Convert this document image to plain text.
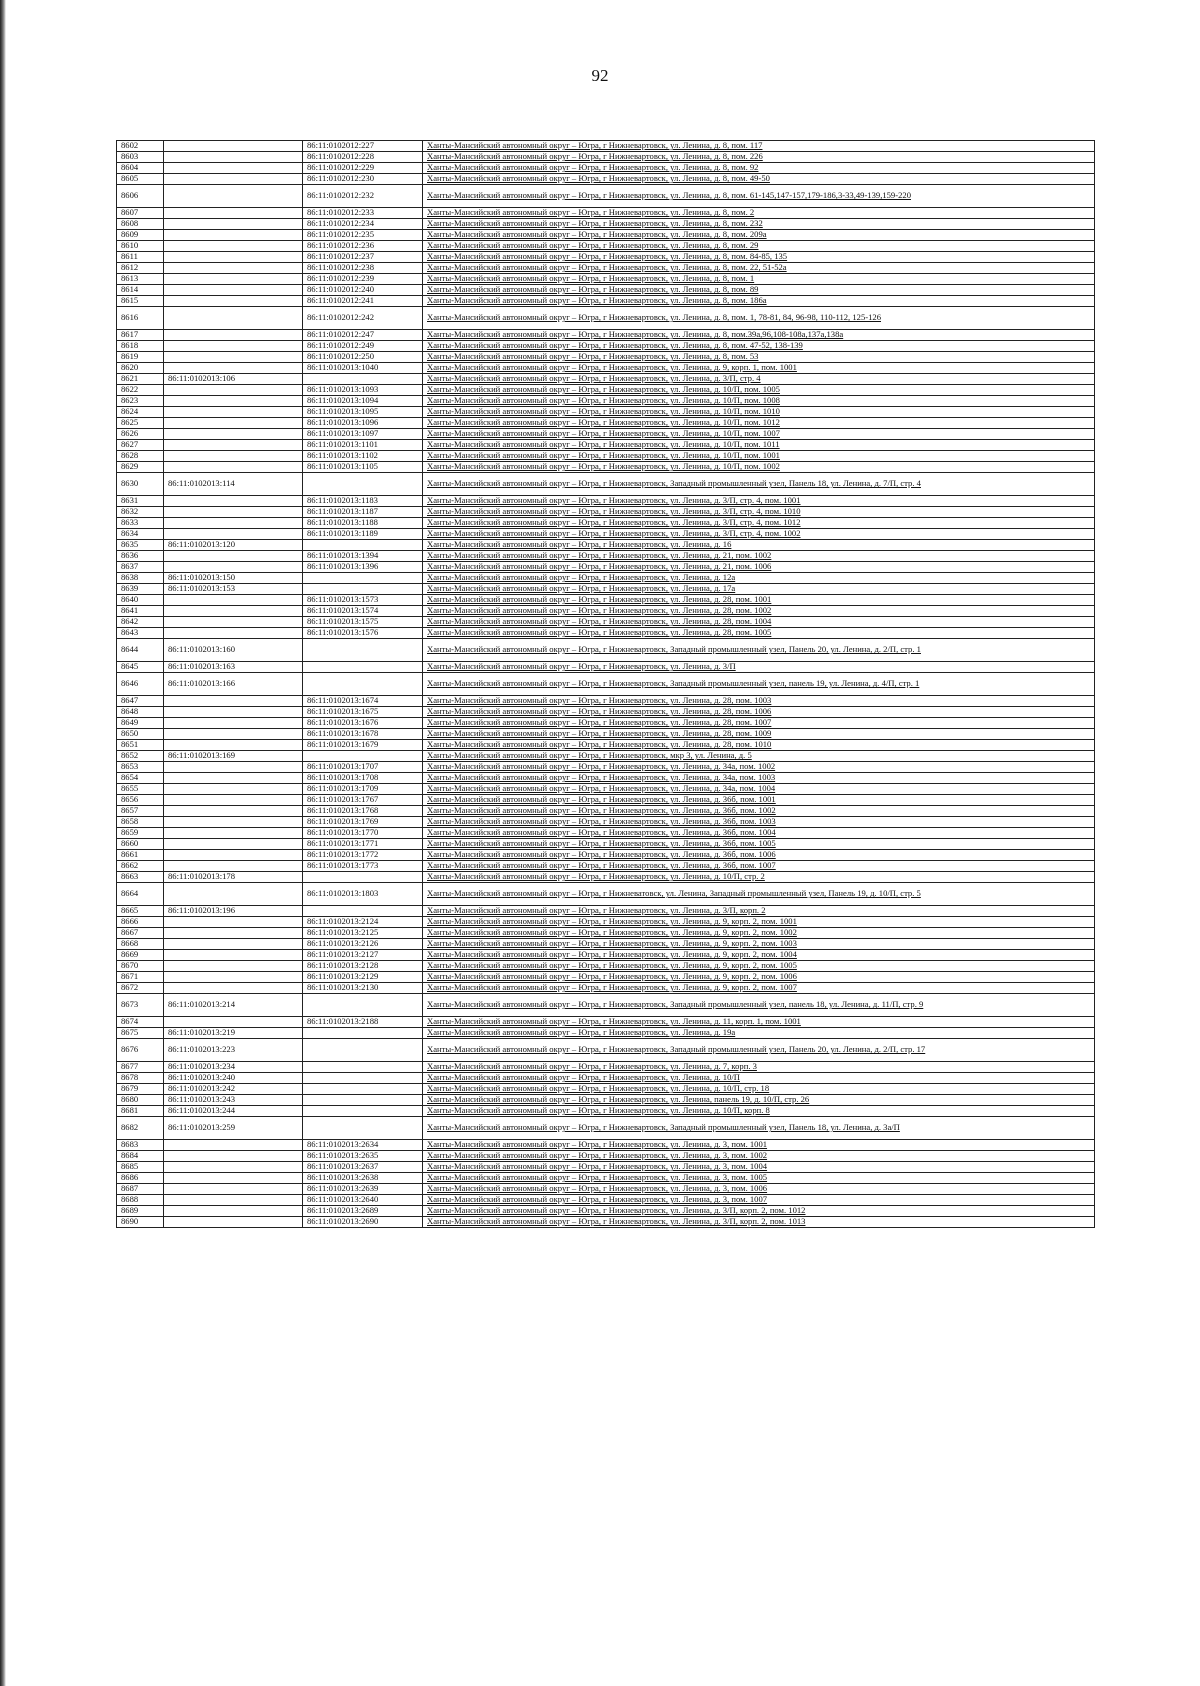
92
8602		86:11:0102012:227	Ханты-Мансийский автономный округ – Югра, г Нижневартовск, ул. Ленина, д. 8, пом. 117
8603		86:11:0102012:228	Ханты-Мансийский автономный округ – Югра, г Нижневартовск, ул. Ленина, д. 8, пом. 226
8604		86:11:0102012:229	Ханты-Мансийский автономный округ – Югра, г Нижневартовск, ул. Ленина, д. 8, пом. 92
8605		86:11:0102012:230	Ханты-Мансийский автономный округ – Югра, г Нижневартовск, ул. Ленина, д. 8, пом. 49-50
8606		86:11:0102012:232	Ханты-Мансийский автономный округ – Югра, г Нижневартовск, ул. Ленина, д. 8, пом. 61-145,147-157,179-186,3-33,49-139,159-220
8607		86:11:0102012:233	Ханты-Мансийский автономный округ – Югра, г Нижневартовск, ул. Ленина, д. 8, пом. 2
8608		86:11:0102012:234	Ханты-Мансийский автономный округ – Югра, г Нижневартовск, ул. Ленина, д. 8, пом. 232
8609		86:11:0102012:235	Ханты-Мансийский автономный округ – Югра, г Нижневартовск, ул. Ленина, д. 8, пом. 209а
8610		86:11:0102012:236	Ханты-Мансийский автономный округ – Югра, г Нижневартовск, ул. Ленина, д. 8, пом. 29
8611		86:11:0102012:237	Ханты-Мансийский автономный округ – Югра, г Нижневартовск, ул. Ленина, д. 8, пом. 84-85, 135
8612		86:11:0102012:238	Ханты-Мансийский автономный округ – Югра, г Нижневартовск, ул. Ленина, д. 8, пом. 22, 51-52а
8613		86:11:0102012:239	Ханты-Мансийский автономный округ – Югра, г Нижневартовск, ул. Ленина, д. 8, пом. 1
8614		86:11:0102012:240	Ханты-Мансийский автономный округ – Югра, г Нижневартовск, ул. Ленина, д. 8, пом. 89
8615		86:11:0102012:241	Ханты-Мансийский автономный округ – Югра, г Нижневартовск, ул. Ленина, д. 8, пом. 186а
8616		86:11:0102012:242	Ханты-Мансийский автономный округ – Югра, г Нижневартовск, ул. Ленина, д. 8, пом. 1, 78-81, 84, 96-98, 110-112, 125-126
8617		86:11:0102012:247	Ханты-Мансийский автономный округ – Югра, г Нижневартовск, ул. Ленина, д. 8, пом.39а,96,108-108а,137а,138а
8618		86:11:0102012:249	Ханты-Мансийский автономный округ – Югра, г Нижневартовск, ул. Ленина, д. 8, пом. 47-52, 138-139
8619		86:11:0102012:250	Ханты-Мансийский автономный округ – Югра, г Нижневартовск, ул. Ленина, д. 8, пом. 53
8620		86:11:0102013:1040	Ханты-Мансийский автономный округ – Югра, г Нижневартовск, ул. Ленина, д. 9, корп. 1, пом. 1001
8621	86:11:0102013:106		Ханты-Мансийский автономный округ – Югра, г Нижневартовск, ул. Ленина, д. 3/П, стр. 4
8622		86:11:0102013:1093	Ханты-Мансийский автономный округ – Югра, г Нижневартовск, ул. Ленина, д. 10/П, пом. 1005
8623		86:11:0102013:1094	Ханты-Мансийский автономный округ – Югра, г Нижневартовск, ул. Ленина, д. 10/П, пом. 1008
8624		86:11:0102013:1095	Ханты-Мансийский автономный округ – Югра, г Нижневартовск, ул. Ленина, д. 10/П, пом. 1010
8625		86:11:0102013:1096	Ханты-Мансийский автономный округ – Югра, г Нижневартовск, ул. Ленина, д. 10/П, пом. 1012
8626		86:11:0102013:1097	Ханты-Мансийский автономный округ – Югра, г Нижневартовск, ул. Ленина, д. 10/П, пом. 1007
8627		86:11:0102013:1101	Ханты-Мансийский автономный округ – Югра, г Нижневартовск, ул. Ленина, д. 10/П, пом. 1011
8628		86:11:0102013:1102	Ханты-Мансийский автономный округ – Югра, г Нижневартовск, ул. Ленина, д. 10/П, пом. 1001
8629		86:11:0102013:1105	Ханты-Мансийский автономный округ – Югра, г Нижневартовск, ул. Ленина, д. 10/П, пом. 1002
8630	86:11:0102013:114		Ханты-Мансийский автономный округ – Югра, г Нижневартовск, Западный промышленный узел, Панель 18, ул. Ленина, д. 7/П, стр. 4
8631		86:11:0102013:1183	Ханты-Мансийский автономный округ – Югра, г Нижневартовск, ул. Ленина, д. 3/П, стр. 4, пом. 1001
8632		86:11:0102013:1187	Ханты-Мансийский автономный округ – Югра, г Нижневартовск, ул. Ленина, д. 3/П, стр. 4, пом. 1010
8633		86:11:0102013:1188	Ханты-Мансийский автономный округ – Югра, г Нижневартовск, ул. Ленина, д. 3/П, стр. 4, пом. 1012
8634		86:11:0102013:1189	Ханты-Мансийский автономный округ – Югра, г Нижневартовск, ул. Ленина, д. 3/П, стр. 4, пом. 1002
8635	86:11:0102013:120		Ханты-Мансийский автономный округ – Югра, г Нижневартовск, ул. Ленина, д. 16
8636		86:11:0102013:1394	Ханты-Мансийский автономный округ – Югра, г Нижневартовск, ул. Ленина, д. 21, пом. 1002
8637		86:11:0102013:1396	Ханты-Мансийский автономный округ – Югра, г Нижневартовск, ул. Ленина, д. 21, пом. 1006
8638	86:11:0102013:150		Ханты-Мансийский автономный округ – Югра, г Нижневартовск, ул. Ленина, д. 12а
8639	86:11:0102013:153		Ханты-Мансийский автономный округ – Югра, г Нижневартовск, ул. Ленина, д. 17а
8640		86:11:0102013:1573	Ханты-Мансийский автономный округ – Югра, г Нижневартовск, ул. Ленина, д. 28, пом. 1001
8641		86:11:0102013:1574	Ханты-Мансийский автономный округ – Югра, г Нижневартовск, ул. Ленина, д. 28, пом. 1002
8642		86:11:0102013:1575	Ханты-Мансийский автономный округ – Югра, г Нижневартовск, ул. Ленина, д. 28, пом. 1004
8643		86:11:0102013:1576	Ханты-Мансийский автономный округ – Югра, г Нижневартовск, ул. Ленина, д. 28, пом. 1005
8644	86:11:0102013:160		Ханты-Мансийский автономный округ – Югра, г Нижневартовск, Западный промышленный узел, Панель 20, ул. Ленина, д. 2/П, стр. 1
8645	86:11:0102013:163		Ханты-Мансийский автономный округ – Югра, г Нижневартовск, ул. Ленина, д. 3/П
8646	86:11:0102013:166		Ханты-Мансийский автономный округ – Югра, г Нижневартовск, Западный промышленный узел, панель 19, ул. Ленина, д. 4/П, стр. 1
8647		86:11:0102013:1674	Ханты-Мансийский автономный округ – Югра, г Нижневартовск, ул. Ленина, д. 28, пом. 1003
8648		86:11:0102013:1675	Ханты-Мансийский автономный округ – Югра, г Нижневартовск, ул. Ленина, д. 28, пом. 1006
8649		86:11:0102013:1676	Ханты-Мансийский автономный округ – Югра, г Нижневартовск, ул. Ленина, д. 28, пом. 1007
8650		86:11:0102013:1678	Ханты-Мансийский автономный округ – Югра, г Нижневартовск, ул. Ленина, д. 28, пом. 1009
8651		86:11:0102013:1679	Ханты-Мансийский автономный округ – Югра, г Нижневартовск, ул. Ленина, д. 28, пом. 1010
8652	86:11:0102013:169		Ханты-Мансийский автономный округ – Югра, г Нижневартовск, мкр 3, ул. Ленина, д. 5
8653		86:11:0102013:1707	Ханты-Мансийский автономный округ – Югра, г Нижневартовск, ул. Ленина, д. 34а, пом. 1002
8654		86:11:0102013:1708	Ханты-Мансийский автономный округ – Югра, г Нижневартовск, ул. Ленина, д. 34а, пом. 1003
8655		86:11:0102013:1709	Ханты-Мансийский автономный округ – Югра, г Нижневартовск, ул. Ленина, д. 34а, пом. 1004
8656		86:11:0102013:1767	Ханты-Мансийский автономный округ – Югра, г Нижневартовск, ул. Ленина, д. 36б, пом. 1001
8657		86:11:0102013:1768	Ханты-Мансийский автономный округ – Югра, г Нижневартовск, ул. Ленина, д. 36б, пом. 1002
8658		86:11:0102013:1769	Ханты-Мансийский автономный округ – Югра, г Нижневартовск, ул. Ленина, д. 36б, пом. 1003
8659		86:11:0102013:1770	Ханты-Мансийский автономный округ – Югра, г Нижневартовск, ул. Ленина, д. 36б, пом. 1004
8660		86:11:0102013:1771	Ханты-Мансийский автономный округ – Югра, г Нижневартовск, ул. Ленина, д. 36б, пом. 1005
8661		86:11:0102013:1772	Ханты-Мансийский автономный округ – Югра, г Нижневартовск, ул. Ленина, д. 36б, пом. 1006
8662		86:11:0102013:1773	Ханты-Мансийский автономный округ – Югра, г Нижневартовск, ул. Ленина, д. 36б, пом. 1007
8663	86:11:0102013:178		Ханты-Мансийский автономный округ – Югра, г Нижневартовск, ул. Ленина, д. 10/П, стр. 2
8664		86:11:0102013:1803	Ханты-Мансийский автономный округ – Югра, г Нижневатовск, ул. Ленина, Западный промышленный узел, Панель 19, д. 10/П, стр. 5
8665	86:11:0102013:196		Ханты-Мансийский автономный округ – Югра, г Нижневартовск, ул. Ленина, д. 3/П, корп. 2
8666		86:11:0102013:2124	Ханты-Мансийский автономный округ – Югра, г Нижневартовск, ул. Ленина, д. 9, корп. 2, пом. 1001
8667		86:11:0102013:2125	Ханты-Мансийский автономный округ – Югра, г Нижневартовск, ул. Ленина, д. 9, корп. 2, пом. 1002
8668		86:11:0102013:2126	Ханты-Мансийский автономный округ – Югра, г Нижневартовск, ул. Ленина, д. 9, корп. 2, пом. 1003
8669		86:11:0102013:2127	Ханты-Мансийский автономный округ – Югра, г Нижневартовск, ул. Ленина, д. 9, корп. 2, пом. 1004
8670		86:11:0102013:2128	Ханты-Мансийский автономный округ – Югра, г Нижневартовск, ул. Ленина, д. 9, корп. 2, пом. 1005
8671		86:11:0102013:2129	Ханты-Мансийский автономный округ – Югра, г Нижневартовск, ул. Ленина, д. 9, корп. 2, пом. 1006
8672		86:11:0102013:2130	Ханты-Мансийский автономный округ – Югра, г Нижневартовск, ул. Ленина, д. 9, корп. 2, пом. 1007
8673	86:11:0102013:214		Ханты-Мансийский автономный округ – Югра, г Нижневартовск, Западный промышленный узел, панель 18, ул. Ленина, д. 11/П, стр. 9
8674		86:11:0102013:2188	Ханты-Мансийский автономный округ – Югра, г Нижневартовск, ул. Ленина, д. 11, корп. 1, пом. 1001
8675	86:11:0102013:219		Ханты-Мансийский автономный округ – Югра, г Нижневартовск, ул. Ленина, д. 19а
8676	86:11:0102013:223		Ханты-Мансийский автономный округ – Югра, г Нижневартовск, Западный промышленный узел, Панель 20, ул. Ленина, д. 2/П, стр. 17
8677	86:11:0102013:234		Ханты-Мансийский автономный округ – Югра, г Нижневартовск, ул. Ленина, д. 7, корп. 3
8678	86:11:0102013:240		Ханты-Мансийский автономный округ – Югра, г Нижневартовск, ул. Ленина, д. 10/П
8679	86:11:0102013:242		Ханты-Мансийский автономный округ – Югра, г Нижневартовск, ул. Ленина, д. 10/П, стр. 18
8680	86:11:0102013:243		Ханты-Мансийский автономный округ – Югра, г Нижневартовск, ул. Ленина, панель 19, д. 10/П, стр. 26
8681	86:11:0102013:244		Ханты-Мансийский автономный округ – Югра, г Нижневартовск, ул. Ленина, д. 10/П, корп. 8
8682	86:11:0102013:259		Ханты-Мансийский автономный округ – Югра, г Нижневартовск, Западный промышленный узел, Панель 18, ул. Ленина, д. 3а/П
8683		86:11:0102013:2634	Ханты-Мансийский автономный округ – Югра, г Нижневартовск, ул. Ленина, д. 3, пом. 1001
8684		86:11:0102013:2635	Ханты-Мансийский автономный округ – Югра, г Нижневартовск, ул. Ленина, д. 3, пом. 1002
8685		86:11:0102013:2637	Ханты-Мансийский автономный округ – Югра, г Нижневартовск, ул. Ленина, д. 3, пом. 1004
8686		86:11:0102013:2638	Ханты-Мансийский автономный округ – Югра, г Нижневартовск, ул. Ленина, д. 3, пом. 1005
8687		86:11:0102013:2639	Ханты-Мансийский автономный округ – Югра, г Нижневартовск, ул. Ленина, д. 3, пом. 1006
8688		86:11:0102013:2640	Ханты-Мансийский автономный округ – Югра, г Нижневартовск, ул. Ленина, д. 3, пом. 1007
8689		86:11:0102013:2689	Ханты-Мансийский автономный округ – Югра, г Нижневартовск, ул. Ленина, д. 3/П, корп. 2, пом. 1012
8690		86:11:0102013:2690	Ханты-Мансийский автономный округ – Югра, г Нижневартовск, ул. Ленина, д. 3/П, корп. 2, пом. 1013
